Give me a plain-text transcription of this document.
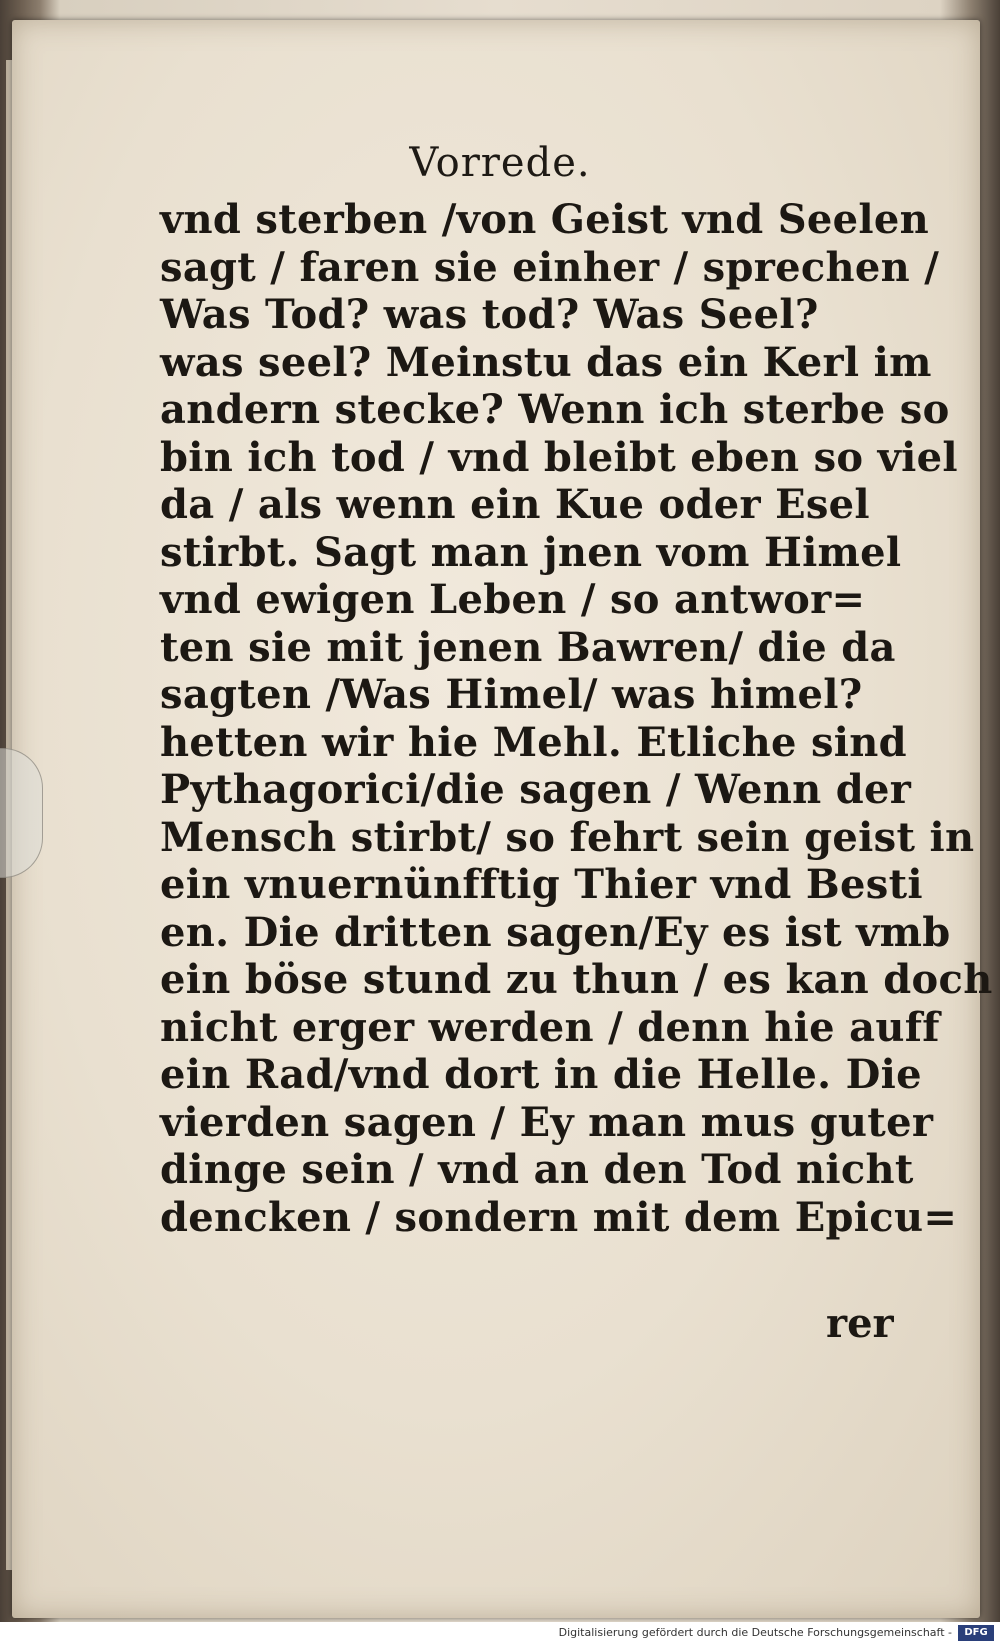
Vorrede.
vnd sterben /von Geist vnd Seelen
sagt / faren sie einher / sprechen /
Was Tod? was tod? Was Seel?
was seel? Meinstu das ein Kerl im
andern stecke? Wenn ich sterbe so
bin ich tod / vnd bleibt eben so viel
da / als wenn ein Kue oder Esel
stirbt. Sagt man jnen vom Himel
vnd ewigen Leben / so antwor=
ten sie mit jenen Bawren/ die da
sagten /Was Himel/ was himel?
hetten wir hie Mehl. Etliche sind
Pythagorici/die sagen / Wenn der
Mensch stirbt/ so fehrt sein geist in
ein vnuernünfftig Thier vnd Besti
en. Die dritten sagen/Ey es ist vmb
ein böse stund zu thun / es kan doch
nicht erger werden / denn hie auff
ein Rad/vnd dort in die Helle. Die
vierden sagen / Ey man mus guter
dinge sein / vnd an den Tod nicht
dencken / sondern mit dem Epicu=
rer
Digitalisierung gefördert durch die Deutsche Forschungsgemeinschaft -	DFG
